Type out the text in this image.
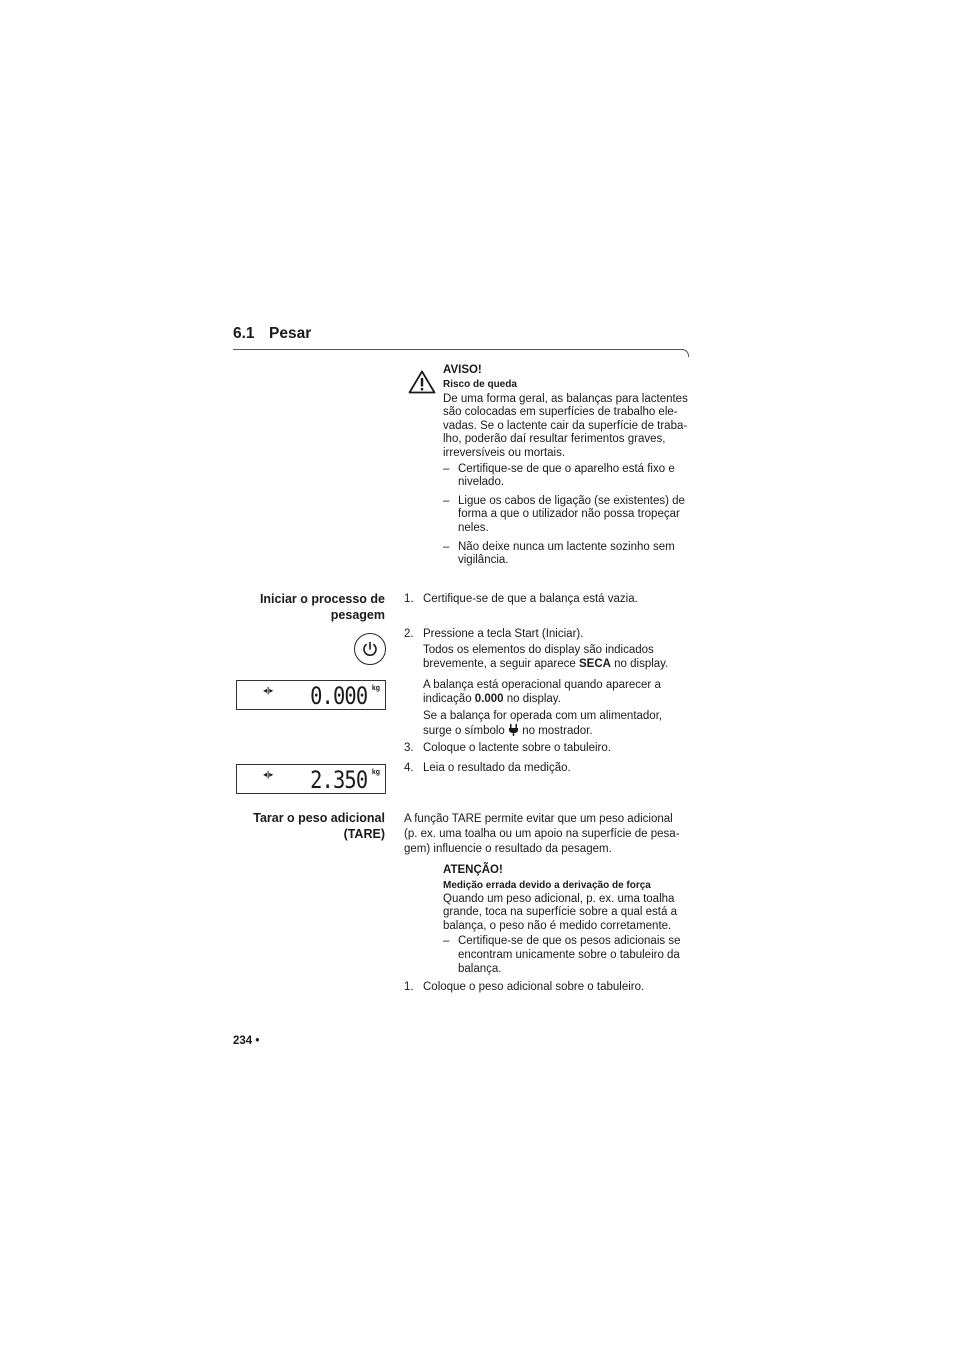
6.1 Pesar

AVISO!

Risco de queda

De uma forma geral, as balanças para lactentes

são colocadas em superfícies de trabalho ele-

vadas. Se o lactente cair da superfície de traba-

lho, poderão daí resultar ferimentos graves,

irreversíveis ou mortais.

– Certifique-se de que o aparelho está fixo e

nivelado.

– Ligue os cabos de ligação (se existentes) de

forma a que o utilizador não possa tropeçar

neles.

– Não deixe nunca um lactente sozinho sem

vigilância.

Iniciar o processo de
pesagem
1. Certifique-se de que a balança está vazia.
2. Pressione a tecla Start (Iniciar).

Todos os elementos do display são indicados

brevemente, a seguir aparece SECA no display.

A balança está operacional quando aparecer a

indicação 0.000 no display.

Se a balança for operada com um alimentador,

surge o símbolo  no mostrador.

◂|▸ 0.000 kg
3. Coloque o lactente sobre o tabuleiro.
◂|▸ 2.350 kg 4. Leia o resultado da medição.
Tarar o peso adicional
(TARE)

A função TARE permite evitar que um peso adicional

(p. ex. uma toalha ou um apoio na superfície de pesa-

gem) influencie o resultado da pesagem.

ATENÇÃO!

Medição errada devido a derivação de força

Quando um peso adicional, p. ex. uma toalha

grande, toca na superfície sobre a qual está a

balança, o peso não é medido corretamente.

– Certifique-se de que os pesos adicionais se

encontram unicamente sobre o tabuleiro da

balança.

1. Coloque o peso adicional sobre o tabuleiro.
234 •
